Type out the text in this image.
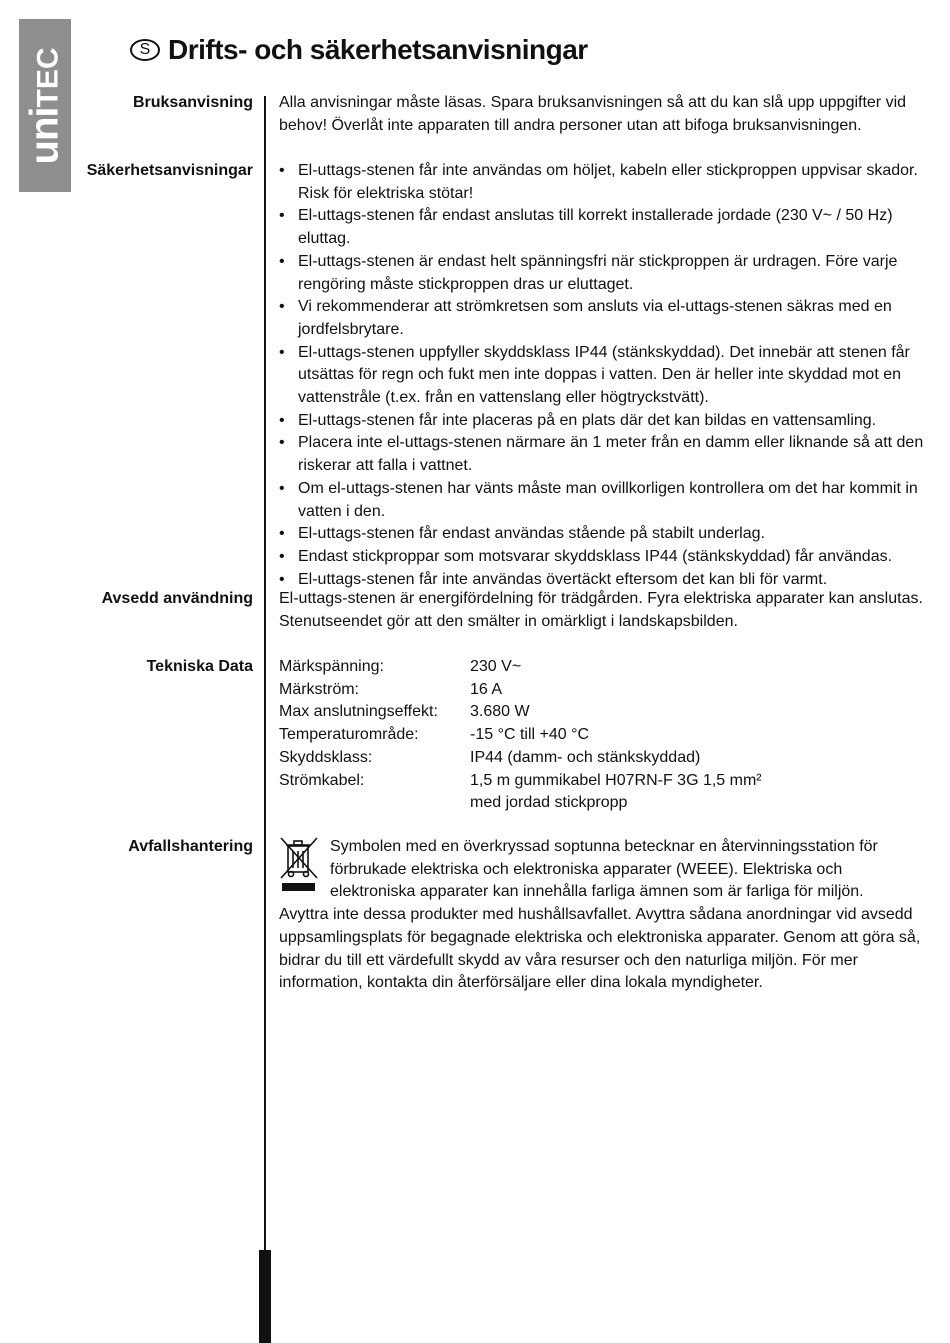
uniTEC	S Drifts- och säkerhetsanvisningar
Bruksanvisning Alla anvisningar måste läsas. Spara bruksanvisningen så att du kan slå upp uppgifter vid behov! Överlåt inte apparaten till andra personer utan att bifoga bruksanvisningen.

Säkerhetsanvisningar	• El-uttags-stenen får inte användas om höljet, kabeln eller stickproppen uppvisar skador. Risk för elektriska stötar!
• El-uttags-stenen får endast anslutas till korrekt installerade jordade (230 V~ / 50 Hz) eluttag.
• El-uttags-stenen är endast helt spänningsfri när stickproppen är urdragen. Före varje rengöring måste stickproppen dras ur eluttaget.
• Vi rekommenderar att strömkretsen som ansluts via el-uttags-stenen säkras med en jordfelsbrytare.
• El-uttags-stenen uppfyller skyddsklass IP44 (stänkskyddad). Det innebär att stenen får utsättas för regn och fukt men inte doppas i vatten. Den är heller inte skyddad mot en vattenstråle (t.ex. från en vattenslang eller högtryckstvätt).
• El-uttags-stenen får inte placeras på en plats där det kan bildas en vattensamling.
• Placera inte el-uttags-stenen närmare än 1 meter från en damm eller liknande så att den riskerar att falla i vattnet.
• Om el-uttags-stenen har vänts måste man ovillkorligen kontrollera om det har kommit in vatten i den.
• El-uttags-stenen får endast användas stående på stabilt underlag.
• Endast stickproppar som motsvarar skyddsklass IP44 (stänkskyddad) får användas.
• El-uttags-stenen får inte användas övertäckt eftersom det kan bli för varmt.
Avsedd användning El-uttags-stenen är energifördelning för trädgården. Fyra elektriska apparater kan anslutas. Stenutseendet gör att den smälter in omärkligt i landskapsbilden.

Tekniska Data Märkspänning:	230 V~
Märkström:	16 A
Max anslutningseffekt:	3.680 W
Temperaturområde:	-15 °C till +40 °C
Skyddsklass:	IP44 (damm- och stänkskyddad)
Strömkabel:	1,5 m gummikabel H07RN-F 3G 1,5 mm²
med jordad stickpropp
Avfallshantering	Symbolen med en överkryssad soptunna betecknar en återvinningsstation för förbrukade elektriska och elektroniska apparater (WEEE). Elektriska och elektroniska apparater kan innehålla farliga ämnen som är farliga för miljön.

Avyttra inte dessa produkter med hushållsavfallet. Avyttra sådana anordningar vid avsedd uppsamlingsplats för begagnade elektriska och elektroniska apparater. Genom att göra så, bidrar du till ett värdefullt skydd av våra resurser och den naturliga miljön. För mer information, kontakta din återförsäljare eller dina lokala myndigheter.
